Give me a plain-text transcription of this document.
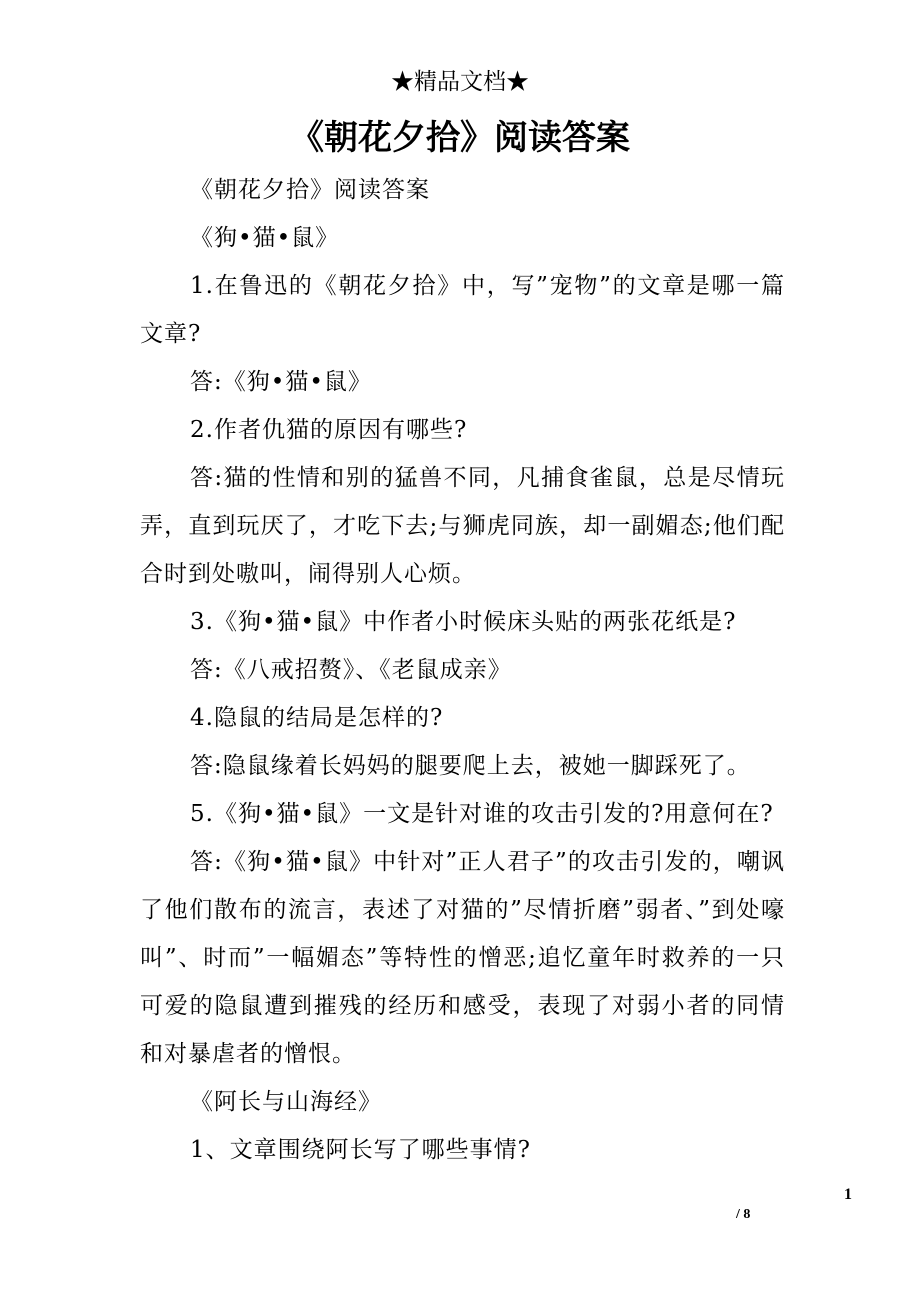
★精品文档★
《朝花夕拾》阅读答案

《朝花夕拾》阅读答案

《狗•猫•鼠》

1.在鲁迅的《朝花夕拾》中，写”宠物”的文章是哪一篇文章?

答:《狗•猫•鼠》

2.作者仇猫的原因有哪些?

答:猫的性情和别的猛兽不同，凡捕食雀鼠，总是尽情玩弄，直到玩厌了，才吃下去;与狮虎同族，却一副媚态;他们配合时到处嗷叫，闹得别人心烦。

3.《狗•猫•鼠》中作者小时候床头贴的两张花纸是?

答:《八戒招赘》、《老鼠成亲》

4.隐鼠的结局是怎样的?

答:隐鼠缘着长妈妈的腿要爬上去，被她一脚踩死了。

5.《狗•猫•鼠》一文是针对谁的攻击引发的?用意何在?

答:《狗•猫•鼠》中针对”正人君子”的攻击引发的，嘲讽了他们散布的流言，表述了对猫的”尽情折磨”弱者、”到处嚎叫”、时而”一幅媚态”等特性的憎恶;追忆童年时救养的一只可爱的隐鼠遭到摧残的经历和感受，表现了对弱小者的同情和对暴虐者的憎恨。

《阿长与山海经》

1、文章围绕阿长写了哪些事情?

1
/ 8
